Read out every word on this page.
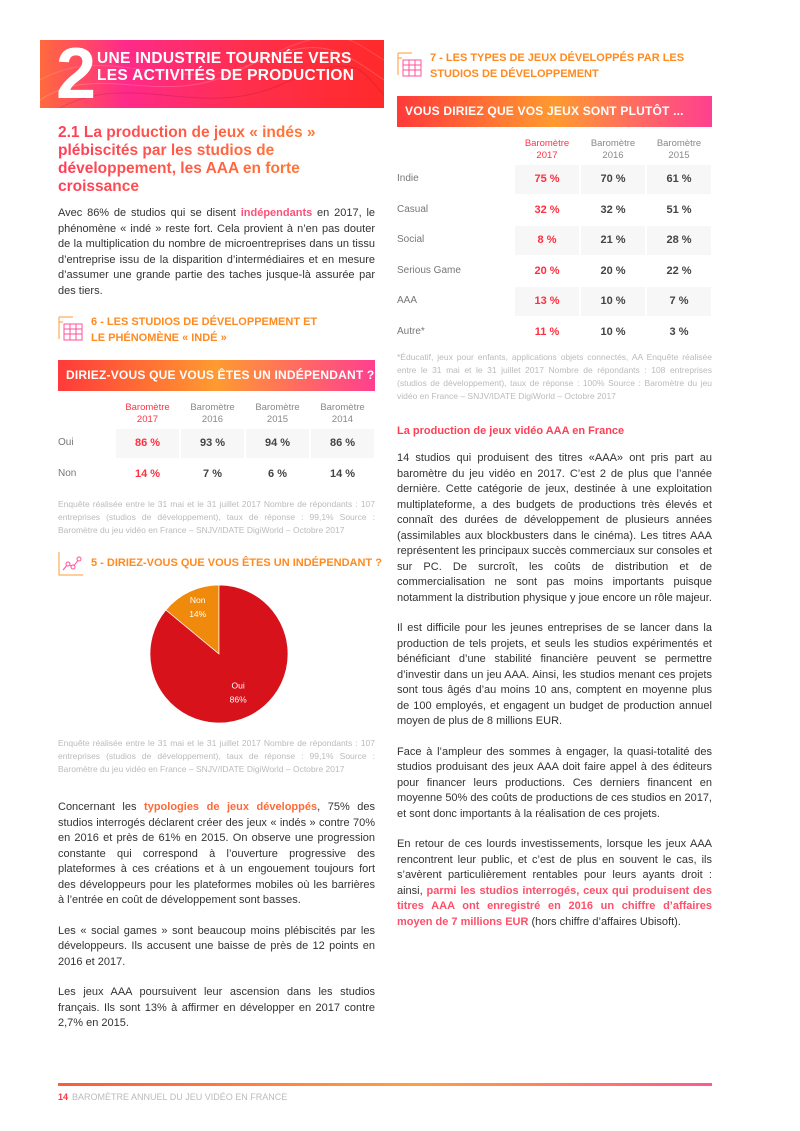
2 UNE INDUSTRIE TOURNÉE VERS
LES ACTIVITÉS DE PRODUCTION
2.1 La production de jeux « indés » plébiscités par les studios de développement, les AAA en forte croissance

Avec 86% de studios qui se disent indépendants en 2017, le phénomène « indé » reste fort. Cela provient à n’en pas douter de la multiplication du nombre de microentreprises dans un tissu d’entreprise issu de la disparition d’intermédiaires et en mesure d’assumer une grande partie des taches jusque-là assurée par des tiers.

6 - LES STUDIOS DE DÉVELOPPEMENT ET LE PHÉNOMÈNE « INDÉ »
DIRIEZ-VOUS QUE VOUS ÊTES UN INDÉPENDANT ?
Baromètre
2017
Baromètre
2016
Baromètre
2015
Baromètre
2014
Oui	86 %	93 %	94 %	86 %
Non	14 %	7 %	6 %	14 %

Enquête réalisée entre le 31 mai et le 31 juillet 2017 Nombre de répondants : 107 entreprises (studios de développement), taux de réponse : 99,1% Source : Baromètre du jeu vidéo en France – SNJV/IDATE DigiWorld – Octobre 2017

5 - DIRIEZ-VOUS QUE VOUS ÊTES UN INDÉPENDANT ?
Non
14%
Oui
86%

Enquête réalisée entre le 31 mai et le 31 juillet 2017 Nombre de répondants : 107 entreprises (studios de développement), taux de réponse : 99,1% Source : Baromètre du jeu vidéo en France – SNJV/IDATE DigiWorld – Octobre 2017

Concernant les typologies de jeux développés, 75% des studios interrogés déclarent créer des jeux « indés » contre 70% en 2016 et près de 61% en 2015. On observe une progression constante qui correspond à l’ouverture progressive des plateformes à ces créations et à un engouement toujours fort des développeurs pour les plateformes mobiles où les barrières à l’entrée en coût de développement sont basses.

Les « social games » sont beaucoup moins plébiscités par les développeurs. Ils accusent une baisse de près de 12 points en 2016 et 2017.

Les jeux AAA poursuivent leur ascension dans les studios français. Ils sont 13% à affirmer en développer en 2017 contre 2,7% en 2015.

7 - LES TYPES DE JEUX DÉVELOPPÉS PAR LES STUDIOS DE DÉVELOPPEMENT
VOUS DIRIEZ QUE VOS JEUX SONT PLUTÔT ...
Baromètre
2017
Baromètre
2016
Baromètre
2015
Indie	75 %	70 %	61 %
Casual	32 %	32 %	51 %
Social	8 %	21 %	28 %
Serious Game	20 %	20 %	22 %
AAA	13 %	10 %	7 %
Autre*	11 %	10 %	3 %

*Éducatif, jeux pour enfants, applications objets connectés, AA Enquête réalisée entre le 31 mai et le 31 juillet 2017 Nombre de répondants : 108 entreprises (studios de développement), taux de réponse : 100% Source : Baromètre du jeu vidéo en France – SNJV/IDATE DigiWorld – Octobre 2017

La production de jeux vidéo AAA en France

14 studios qui produisent des titres «AAA» ont pris part au baromètre du jeu vidéo en 2017. C’est 2 de plus que l’année dernière. Cette catégorie de jeux, destinée à une exploitation multiplateforme, a des budgets de productions très élevés et connaît des durées de développement de plusieurs années (assimilables aux blockbusters dans le cinéma). Les titres AAA représentent les principaux succès commerciaux sur consoles et sur PC. De surcroît, les coûts de distribution et de commercialisation ne sont pas moins importants puisque notamment la distribution physique y joue encore un rôle majeur.

Il est difficile pour les jeunes entreprises de se lancer dans la production de tels projets, et seuls les studios expérimentés et bénéficiant d’une stabilité financière peuvent se permettre d’investir dans un jeu AAA. Ainsi, les studios menant ces projets sont tous âgés d’au moins 10 ans, comptent en moyenne plus de 100 employés, et engagent un budget de production annuel moyen de plus de 8 millions EUR.

Face à l’ampleur des sommes à engager, la quasi-totalité des studios produisant des jeux AAA doit faire appel à des éditeurs pour financer leurs productions. Ces derniers financent en moyenne 50% des coûts de productions de ces studios en 2017, et sont donc importants à la réalisation de ces projets.

En retour de ces lourds investissements, lorsque les jeux AAA rencontrent leur public, et c’est de plus en souvent le cas, ils s’avèrent particulièrement rentables pour leurs ayants droit : ainsi, parmi les studios interrogés, ceux qui produisent des titres AAA ont enregistré en 2016 un chiffre d’affaires moyen de 7 millions EUR (hors chiffre d’affaires Ubisoft).

14 BAROMÈTRE ANNUEL DU JEU VIDÉO EN FRANCE
